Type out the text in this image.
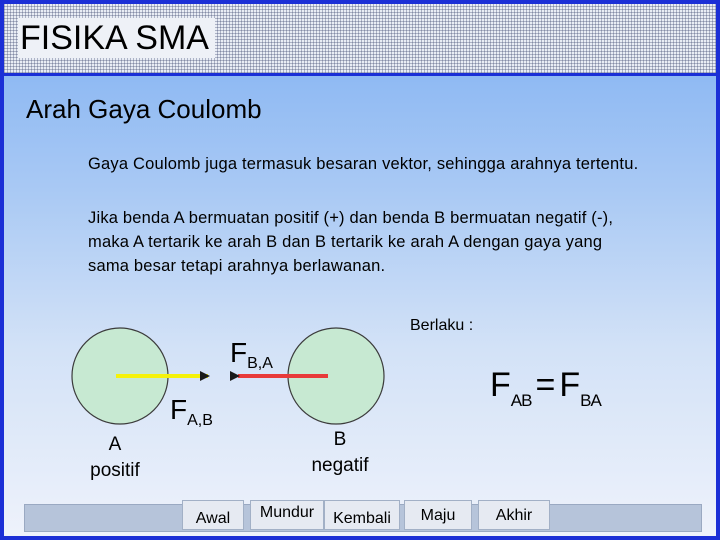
FISIKA SMA
Arah Gaya Coulomb
Gaya Coulomb juga termasuk besaran vektor, sehingga arahnya tertentu.
Jika benda A bermuatan positif (+) dan benda B bermuatan negatif (-), maka A tertarik ke arah B dan B tertarik ke arah A dengan gaya yang sama besar tetapi arahnya berlawanan.
Berlaku :
$F_{B,A}$
$F_{A,B}$
A
positif
B
negatif
$F_{AB} = F_{BA}$
Awal	Mundur	Kembali	Maju	Akhir
